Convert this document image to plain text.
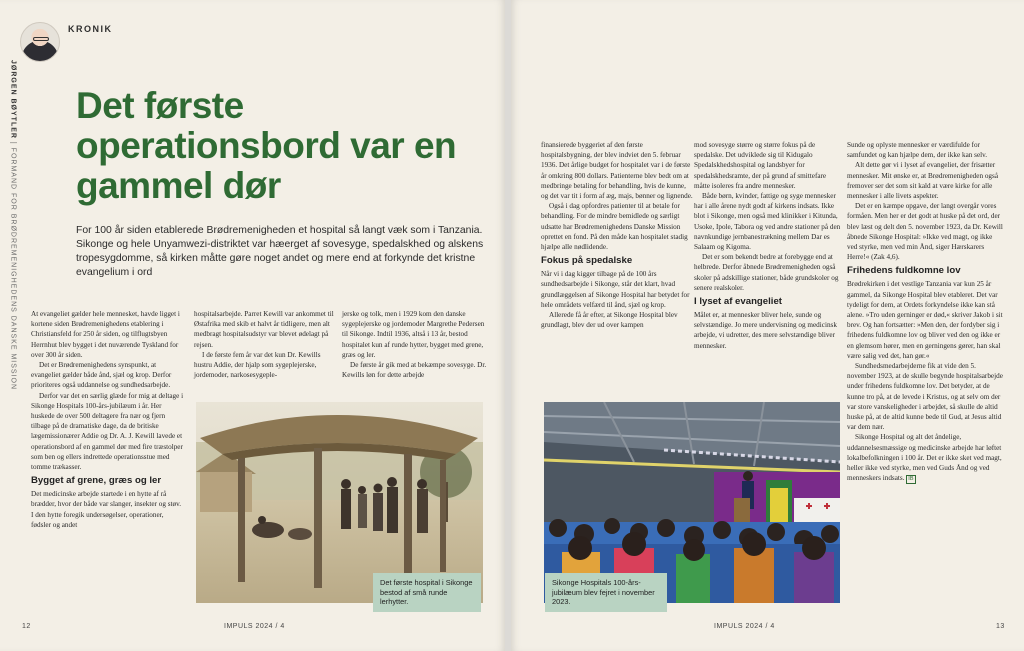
KRONIK
JØRGEN BØYTLER | FORMAND FOR BRØDREMENIGHEDENS DANSKE MISSION
Det første operationsbord var en gammel dør

For 100 år siden etablerede Brødremenigheden et hospital så langt væk som i Tanzania. Sikonge og hele Unyamwezi-distriktet var hæerget af sovesyge, spedalskhed og alskens tropesygdomme, så kirken måtte gøre noget andet og mere end at forkynde det kristne evangelium i ord

At evangeliet gælder hele mennesket, havde ligget i kortene siden Brødremenighedens etablering i Christiansfeld for 250 år siden, og tilflugtsbyen Herrnhut blev bygget i det nuværende Tyskland for over 300 år siden.

Det er Brødremenighedens synspunkt, at evangeliet gælder både ånd, sjæl og krop. Derfor prioriteres også uddannelse og sundhedsarbejde.

Derfor var det en særlig glæde for mig at deltage i Sikonge Hospitals 100-års-jubilæum i år. Her huskede de over 500 deltagere fra nær og fjern tilbage på de dramatiske dage, da de britiske lægemissionærer Addie og Dr. A. J. Kewill lavede et operationsbord af en gammel dør med fire træstolper som ben og ellers indrettede operationsstue med tomme trækasser.

Bygget af grene, græs og ler

Det medicinske arbejde startede i en hytte af rå brædder, hvor der både var slanger, insekter og støv. I den hytte foregik undersøgelser, operationer, fødsler og andet

hospitalsarbejde. Parret Kewill var ankommet til Østafrika med skib et halvt år tidligere, men alt medbragt hospitalsudstyr var blevet ødelagt på rejsen.

I de første fem år var det kun Dr. Kewills hustru Addie, der hjalp som sygeplejerske, jordemoder, narkosesygeple-

jerske og tolk, men i 1929 kom den danske sygeplejerske og jordemoder Margrethe Pedersen til Sikonge. Indtil 1936, altså i 13 år, bestod hospitalet kun af runde hytter, bygget med grene, græs og ler.

De første år gik med at bekæmpe sovesyge. Dr. Kewills løn for dette arbejde

Det første hospital i Sikonge bestod af små runde lerhytter.
12	IMPULS 2024 / 4

finansierede byggeriet af den første hospitalsbygning, der blev indviet den 5. februar 1936. Det årlige budget for hospitalet var i de første år omkring 800 dollars. Patienterne blev bedt om at medbringe betaling for behandling, hvis de kunne, og det var tit i form af æg, majs, bønner og lignende.

Også i dag opfordres patienter til at betale for behandling. For de mindre bemidlede og særligt udsatte har Brødremenighedens Danske Mission oprettet en fond. På den måde kan hospitalet stadig hjælpe alle nødlidende.

Fokus på spedalske

Når vi i dag kigger tilbage på de 100 års sundhedsarbejde i Sikonge, står det klart, hvad grundlæggelsen af Sikonge Hospital har betydet for hele områdets velfærd til ånd, sjæl og krop.

Allerede få år efter, at Sikonge Hospital blev grundlagt, blev der ud over kampen

mod sovesyge større og større fokus på de spedalske. Det udviklede sig til Kidugalo Spedalskhedshospital og landsbyer for spedalskhedsramte, der på grund af smittefare måtte isoleres fra andre mennesker.

Både børn, kvinder, fattige og syge mennesker har i alle årene nydt godt af kirkens indsats. Ikke blot i Sikonge, men også med klinikker i Kitunda, Usoke, Ipole, Tabora og ved andre stationer på den navnkundige jernbanestrækning mellem Dar es Salaam og Kigoma.

Det er som bekendt bedre at forebygge end at helbrede. Derfor åbnede Brødremenigheden også skoler på adskillige stationer, både grundskoler og senere realskoler.

I lyset af evangeliet

Målet er, at mennesker bliver hele, sunde og selvstændige. Jo mere undervisning og medicinsk arbejde, vi udretter, des mere selvstændige bliver mennesker.

Sunde og oplyste mennesker er værdifulde for samfundet og kan hjælpe dem, der ikke kan selv.

Alt dette gør vi i lyset af evangeliet, der frisætter mennesker. Mit ønske er, at Brødremenigheden også fremover ser det som sit kald at være kirke for alle mennesker i alle livets aspekter.

Det er en kæmpe opgave, der langt overgår vores formåen. Men her er det godt at huske på det ord, der blev læst og delt den 5. november 1923, da Dr. Kewill åbnede Sikonge Hospital: »Ikke ved magt, og ikke ved styrke, men ved min Ånd, siger Hærskarers Herre!« (Zak 4,6).

Frihedens fuldkomne lov

Brødrekirken i det vestlige Tanzania var kun 25 år gammel, da Sikonge Hospital blev etableret. Det var tydeligt for dem, at Ordets forkyndelse ikke kan stå alene. »Tro uden gerninger er død,« skriver Jakob i sit brev. Og han fortsætter: »Men den, der fordyber sig i frihedens fuldkomne lov og bliver ved den og ikke er en glemsom hører, men en gerningens gører, han skal være salig ved det, han gør.«

Sundhedsmedarbejderne fik at vide den 5. november 1923, at de skulle begynde hospitalsarbejde under frihedens fuldkomne lov. Det betyder, at de kunne tro på, at de levede i Kristus, og at selv om der var store vanskeligheder i arbejdet, så skulle de altid huske på, at de altid kunne bede til Gud, at Jesus altid var dem nær.

Sikonge Hospital og alt det åndelige, uddannelsesmæssige og medicinske arbejde har løftet lokalbefolkningen i 100 år. Det er ikke sket ved magt, heller ikke ved styrke, men ved Guds Ånd og ved menneskers indsats. IB

Sikonge Hospitals 100-års-jubilæum blev fejret i november 2023.
IMPULS 2024 / 4	13
